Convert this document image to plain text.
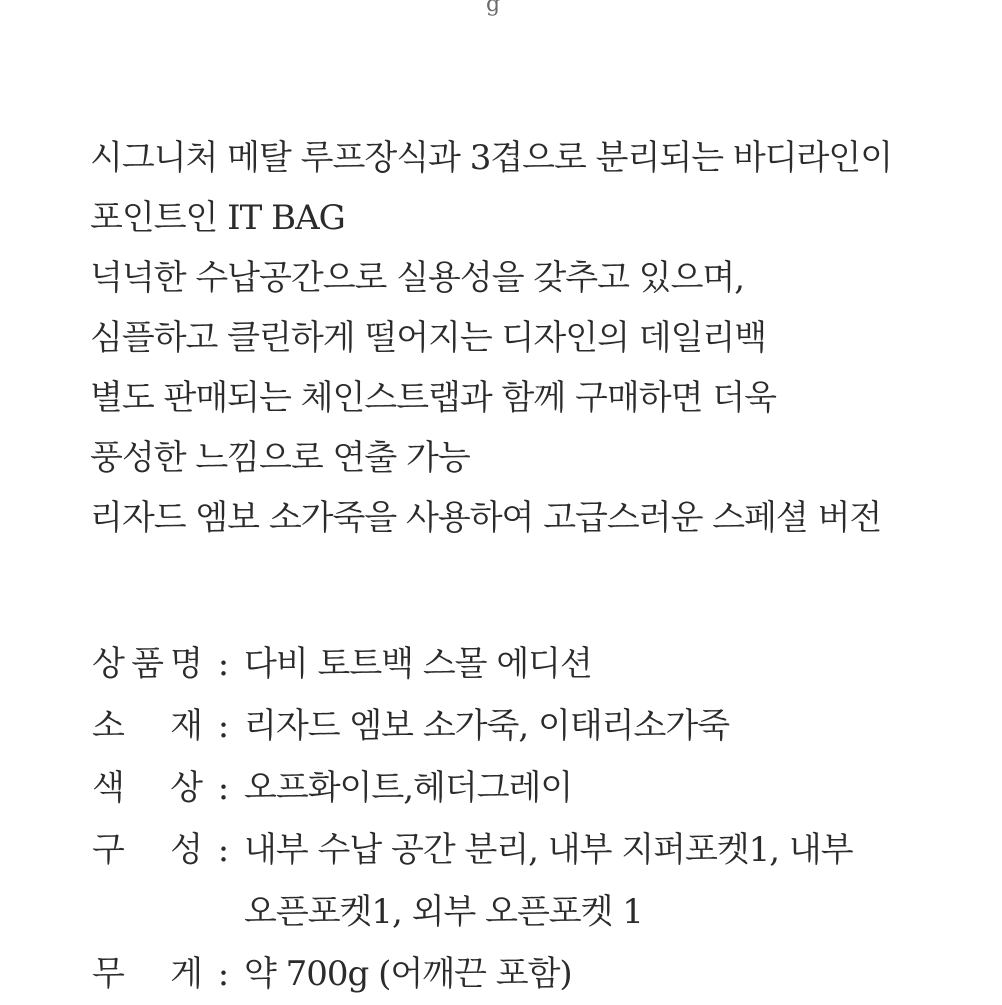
g
시그니처 메탈 루프장식과 3겹으로 분리되는 바디라인이
포인트인 IT BAG
넉넉한 수납공간으로 실용성을 갖추고 있으며,
심플하고 클린하게 떨어지는 디자인의 데일리백
별도 판매되는 체인스트랩과 함께 구매하면 더욱
풍성한 느낌으로 연출 가능
리자드 엠보 소가죽을 사용하여 고급스러운 스페셜 버전
상 품 명 : 다비 토트백 스몰 에디션
소 재 : 리자드 엠보 소가죽, 이태리소가죽
색 상 : 오프화이트,헤더그레이
구 성 : 내부 수납 공간 분리, 내부 지퍼포켓1, 내부
오픈포켓1, 외부 오픈포켓 1
무 게 : 약 700g (어깨끈 포함)
